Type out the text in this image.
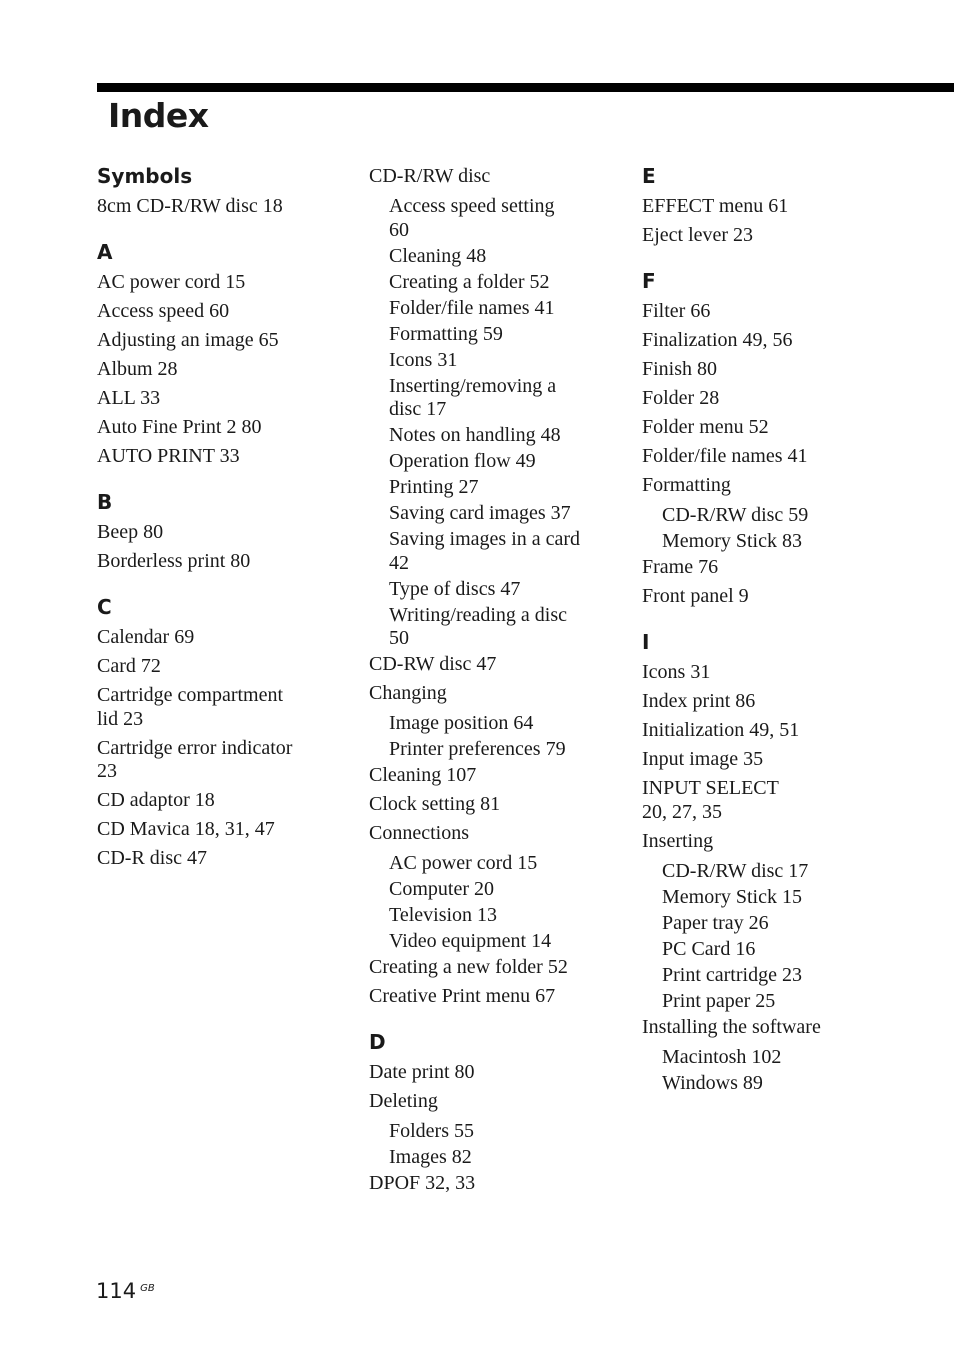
Index
Symbols
8cm CD-R/RW disc 18
A
AC power cord 15
Access speed 60
Adjusting an image 65
Album 28
ALL 33
Auto Fine Print 2 80
AUTO PRINT 33
B
Beep 80
Borderless print 80
C
Calendar 69
Card 72
Cartridge compartment
lid 23
Cartridge error indicator
23
CD adaptor 18
CD Mavica 18, 31, 47
CD-R disc 47
CD-R/RW disc
Access speed setting
60
Cleaning 48
Creating a folder 52
Folder/file names 41
Formatting 59
Icons 31
Inserting/removing a
disc 17
Notes on handling 48
Operation flow 49
Printing 27
Saving card images 37
Saving images in a card
42
Type of discs 47
Writing/reading a disc
50
CD-RW disc 47
Changing
Image position 64
Printer preferences 79
Cleaning 107
Clock setting 81
Connections
AC power cord 15
Computer 20
Television 13
Video equipment 14
Creating a new folder 52
Creative Print menu 67
D
Date print 80
Deleting
Folders 55
Images 82
DPOF 32, 33
E
EFFECT menu 61
Eject lever 23
F
Filter 66
Finalization 49, 56
Finish 80
Folder 28
Folder menu 52
Folder/file names 41
Formatting
CD-R/RW disc 59
Memory Stick 83
Frame 76
Front panel 9
I
Icons 31
Index print 86
Initialization 49, 51
Input image 35
INPUT SELECT
20, 27, 35
Inserting
CD-R/RW disc 17
Memory Stick 15
Paper tray 26
PC Card 16
Print cartridge 23
Print paper 25
Installing the software
Macintosh 102
Windows 89
114 $^{GB}$
